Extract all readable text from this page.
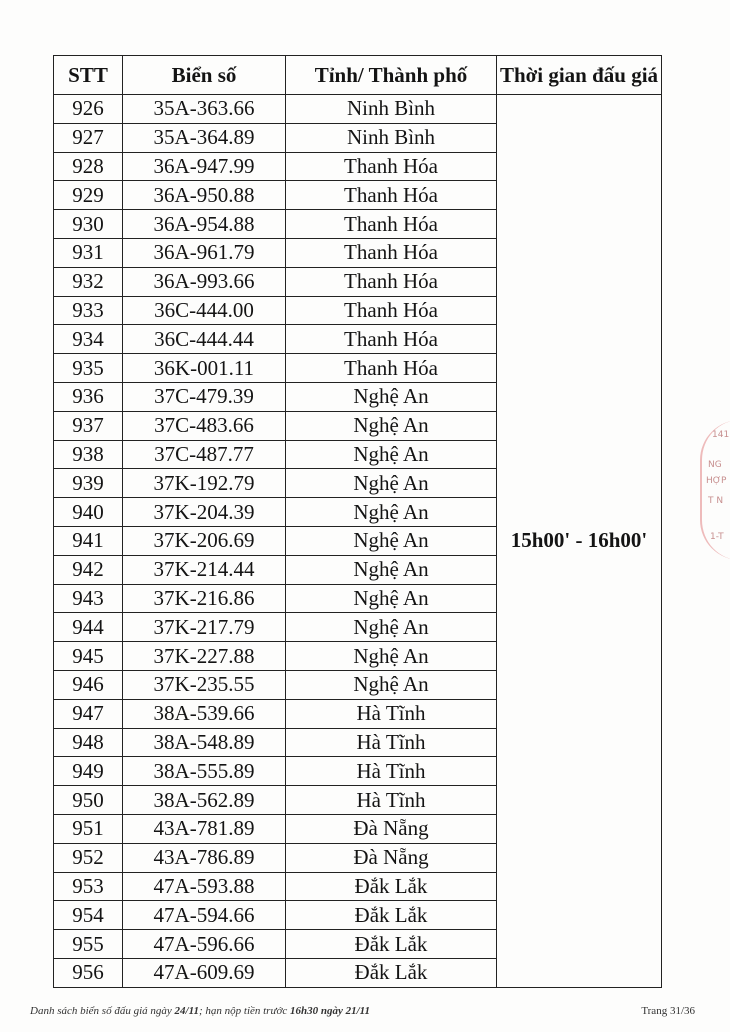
STT	Biển số	Tỉnh/ Thành phố	Thời gian đấu giá
926	35A-363.66	Ninh Bình	15h00' - 16h00'
927	35A-364.89	Ninh Bình	
928	36A-947.99	Thanh Hóa	
929	36A-950.88	Thanh Hóa	
930	36A-954.88	Thanh Hóa	
931	36A-961.79	Thanh Hóa	
932	36A-993.66	Thanh Hóa	
933	36C-444.00	Thanh Hóa	
934	36C-444.44	Thanh Hóa	
935	36K-001.11	Thanh Hóa	
936	37C-479.39	Nghệ An	
937	37C-483.66	Nghệ An	
938	37C-487.77	Nghệ An	
939	37K-192.79	Nghệ An	
940	37K-204.39	Nghệ An	
941	37K-206.69	Nghệ An	
942	37K-214.44	Nghệ An	
943	37K-216.86	Nghệ An	
944	37K-217.79	Nghệ An	
945	37K-227.88	Nghệ An	
946	37K-235.55	Nghệ An	
947	38A-539.66	Hà Tĩnh	
948	38A-548.89	Hà Tĩnh	
949	38A-555.89	Hà Tĩnh	
950	38A-562.89	Hà Tĩnh	
951	43A-781.89	Đà Nẵng	
952	43A-786.89	Đà Nẵng	
953	47A-593.88	Đắk Lắk	
954	47A-594.66	Đắk Lắk	
955	47A-596.66	Đắk Lắk	
956	47A-609.69	Đắk Lắk	
Danh sách biển số đấu giá ngày 24/11; hạn nộp tiền trước 16h30 ngày 21/11	Trang 31/36
141
NG
HỢP
T N
1-T
